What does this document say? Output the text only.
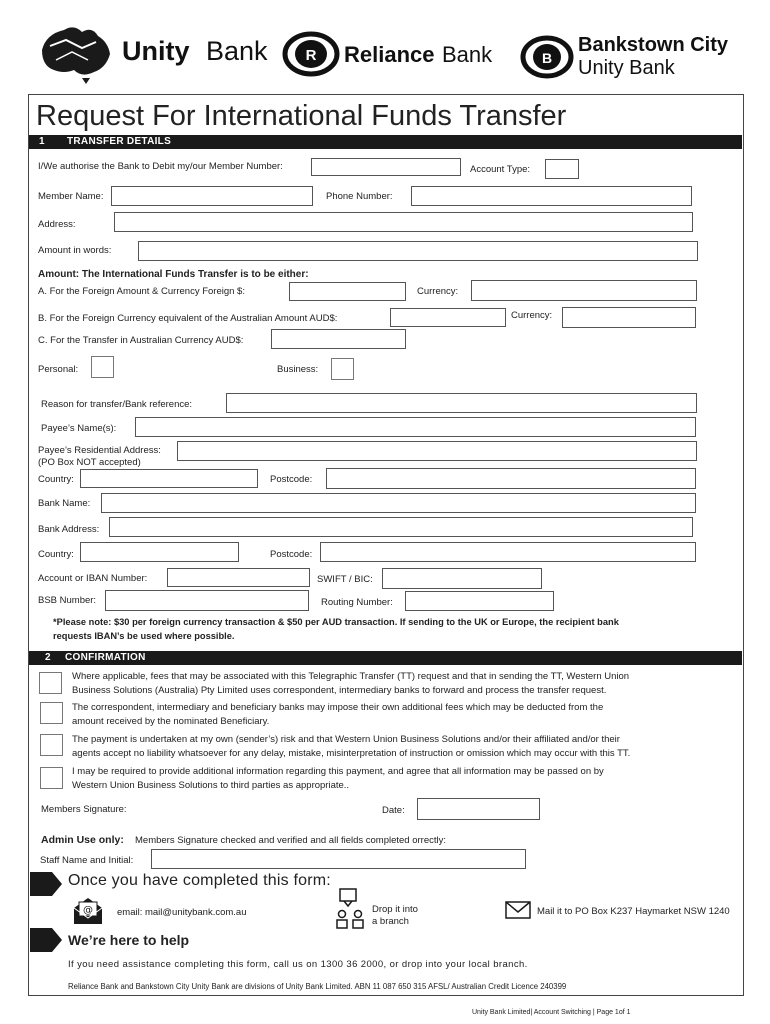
Unity Bank	R Reliance Bank	B
Bankstown City
Unity Bank
Request For International Funds Transfer
1 TRANSFER DETAILS
I/We authorise the Bank to Debit my/our Member Number:	Account Type:
Member Name:	Phone Number:
Address:
Amount in words:
Amount: The International Funds Transfer is to be either:
A. For the Foreign Amount & Currency Foreign $:	Currency:
B. For the Foreign Currency equivalent of the Australian Amount AUD$:	Currency:
C. For the Transfer in Australian Currency AUD$:
Personal:	Business:
Reason for transfer/Bank reference:
Payee’s Name(s):
Payee’s Residential Address:
(PO Box NOT accepted)
Country:	Postcode:
Bank Name:
Bank Address:
Country:	Postcode:
Account or IBAN Number:	SWIFT / BIC:
BSB Number:	Routing Number:
*Please note: $30 per foreign currency transaction & $50 per AUD transaction. If sending to the UK or Europe, the recipient bank
requests IBAN’s be used where possible.
2 CONFIRMATION
Where applicable, fees that may be associated with this Telegraphic Transfer (TT) request and that in sending the TT, Western Union
Business Solutions (Australia) Pty Limited uses correspondent, intermediary banks to forward and process the transfer request.
The correspondent, intermediary and beneficiary banks may impose their own additional fees which may be deducted from the
amount received by the nominated Beneficiary.
The payment is undertaken at my own (sender’s) risk and that Western Union Business Solutions and/or their affiliated and/or their
agents accept no liability whatsoever for any delay, mistake, misinterpretation of instruction or omission which may occur with this TT.
I may be required to provide additional information regarding this payment, and agree that all information may be passed on by
Western Union Business Solutions to third parties as appropriate..
Members Signature:	Date:
Admin Use only: Members Signature checked and verified and all fields completed orrectly:
Staff Name and Initial:
Once you have completed this form:
@	email: mail@unitybank.com.au	Drop it into
a branch
Mail it to PO Box K237 Haymarket NSW 1240
We’re here to help
If you need assistance completing this form, call us on 1300 36 2000, or drop into your local branch.
Reliance Bank and Bankstown City Unity Bank are divisions of Unity Bank Limited. ABN 11 087 650 315 AFSL/ Australian Credit Licence 240399
Unity Bank Limited| Account Switching | Page 1of 1
